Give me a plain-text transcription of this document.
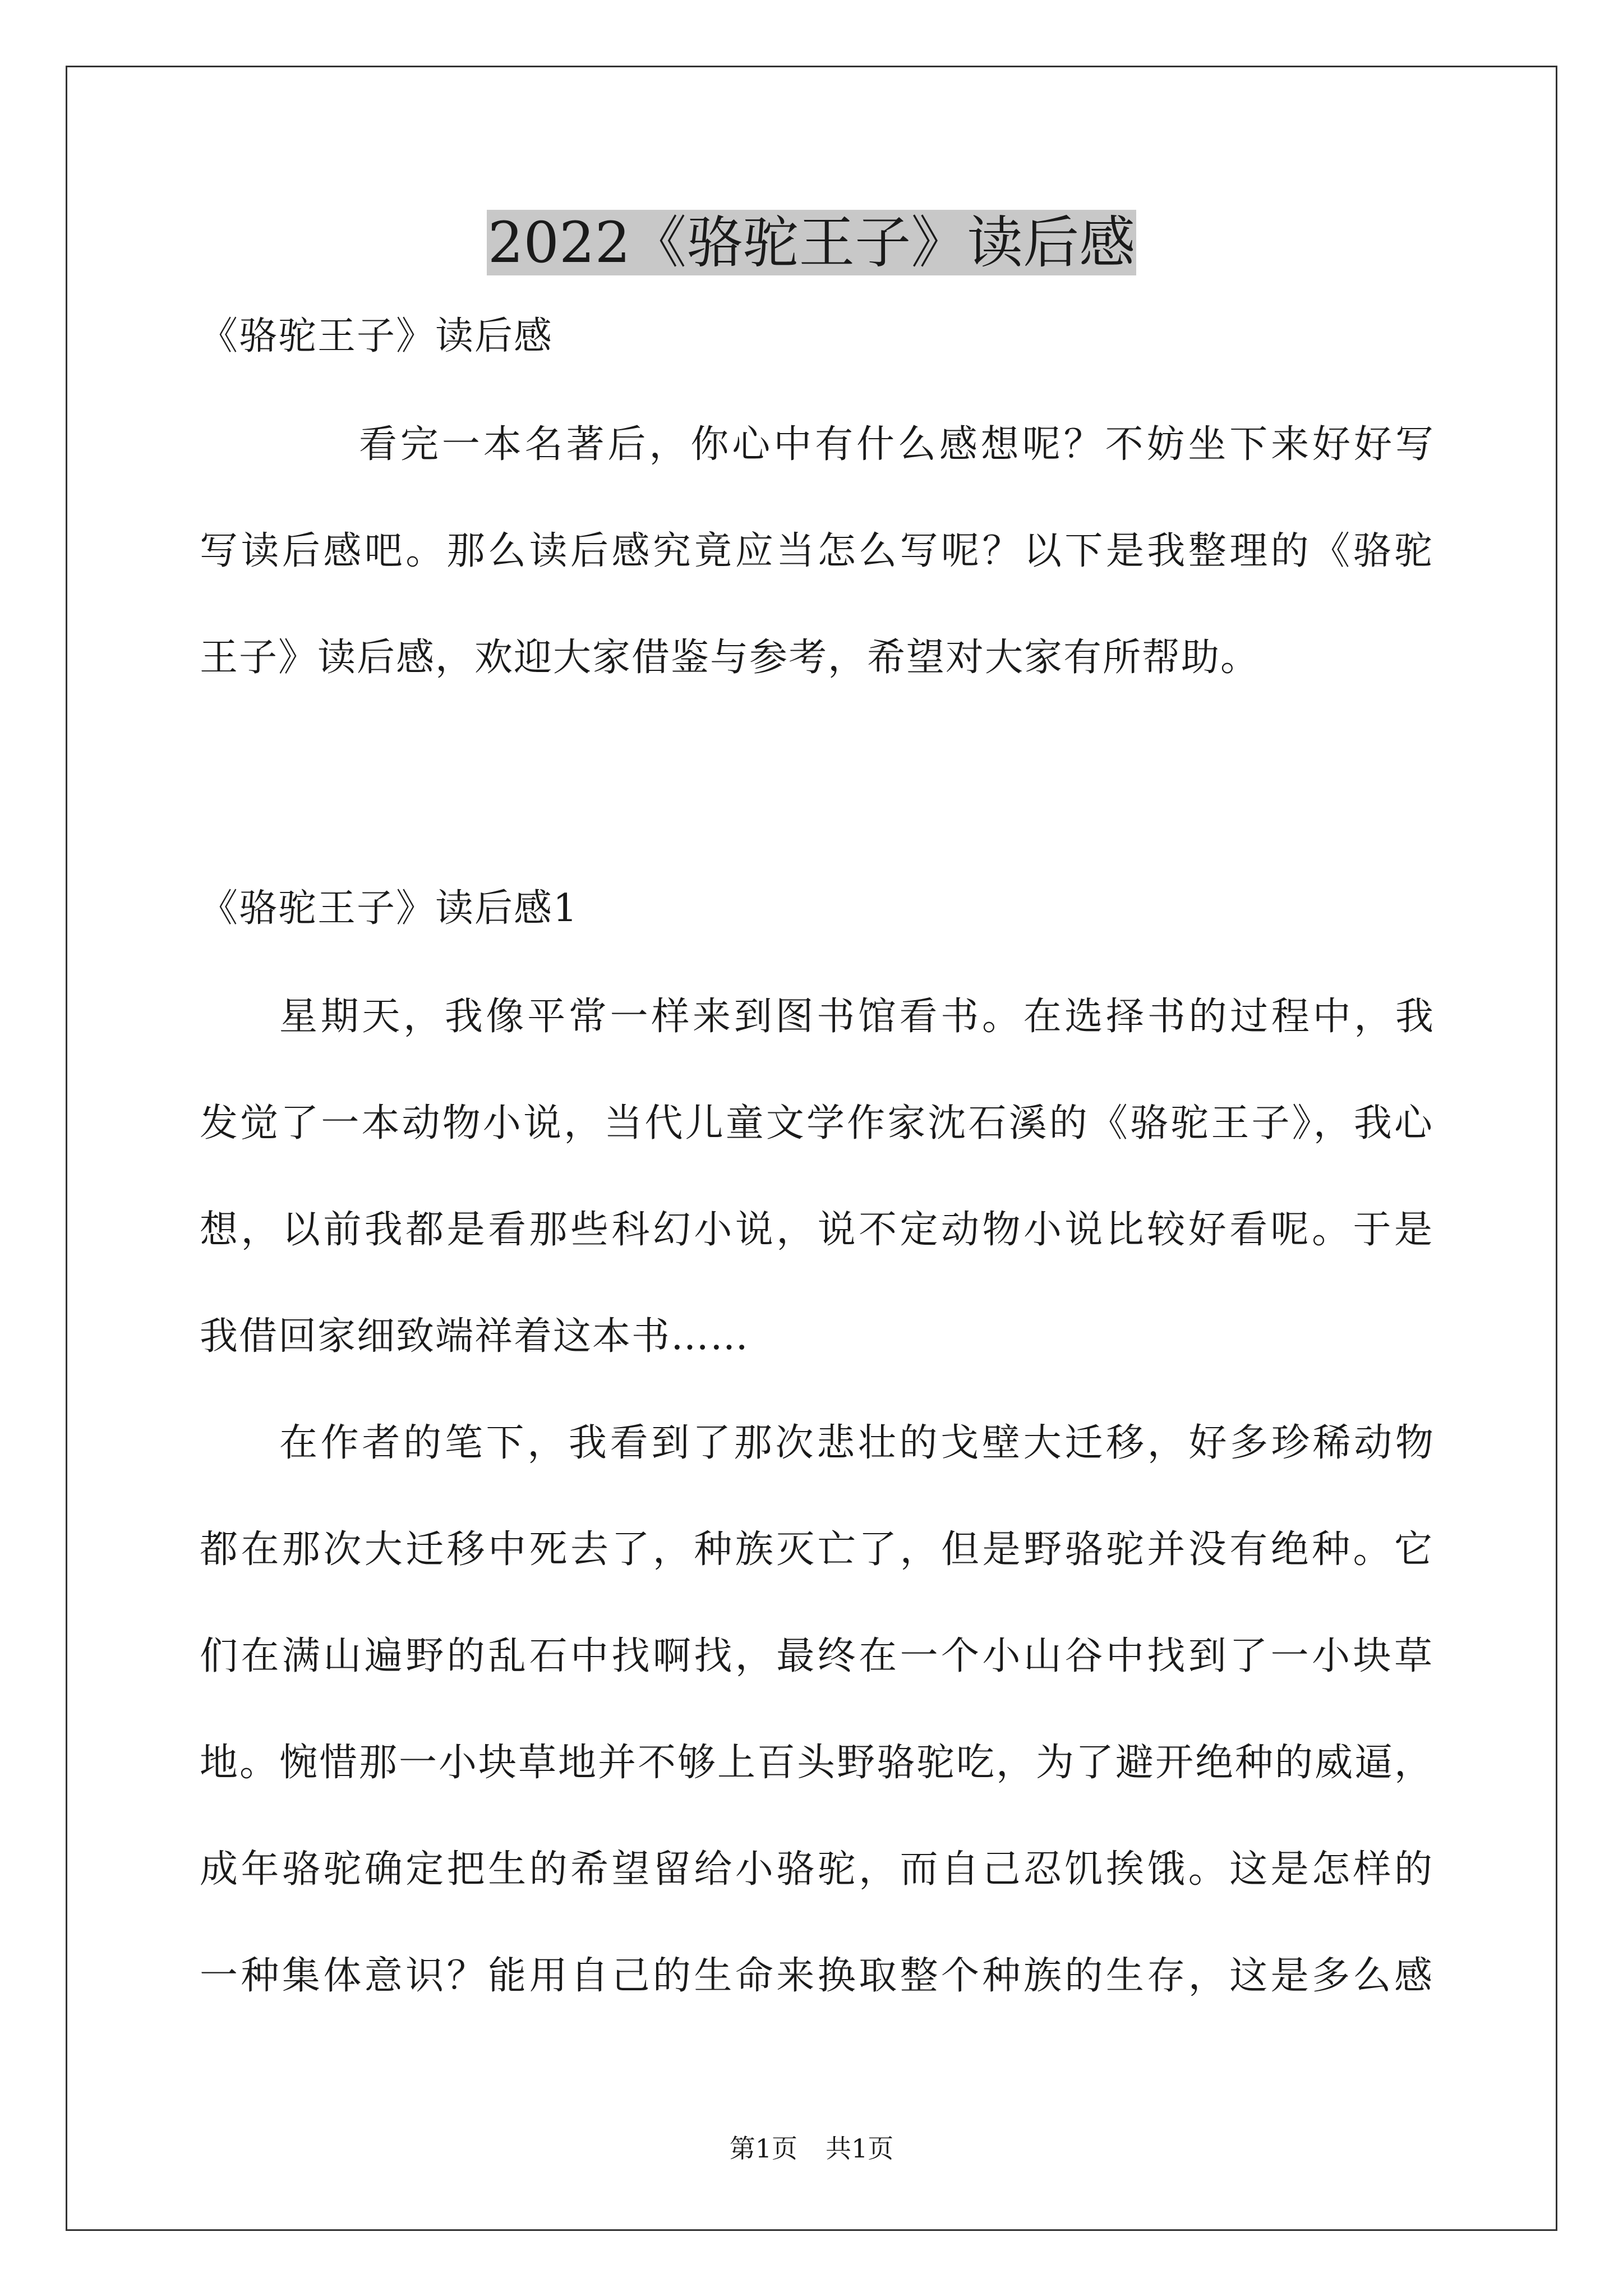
2022《骆驼王子》读后感
《骆驼王子》读后感
看完一本名著后，你心中有什么感想呢？不妨坐下来好好写
写读后感吧。那么读后感究竟应当怎么写呢？以下是我整理的《骆驼
王子》读后感，欢迎大家借鉴与参考，希望对大家有所帮助。
《骆驼王子》读后感1
星期天，我像平常一样来到图书馆看书。在选择书的过程中，我
发觉了一本动物小说，当代儿童文学作家沈石溪的《骆驼王子》，我心
想，以前我都是看那些科幻小说，说不定动物小说比较好看呢。于是
我借回家细致端祥着这本书……
在作者的笔下，我看到了那次悲壮的戈壁大迁移，好多珍稀动物
都在那次大迁移中死去了，种族灭亡了，但是野骆驼并没有绝种。它
们在满山遍野的乱石中找啊找，最终在一个小山谷中找到了一小块草
地。惋惜那一小块草地并不够上百头野骆驼吃，为了避开绝种的威逼，
成年骆驼确定把生的希望留给小骆驼，而自己忍饥挨饿。这是怎样的
一种集体意识？能用自己的生命来换取整个种族的生存，这是多么感
第1页 共1页
